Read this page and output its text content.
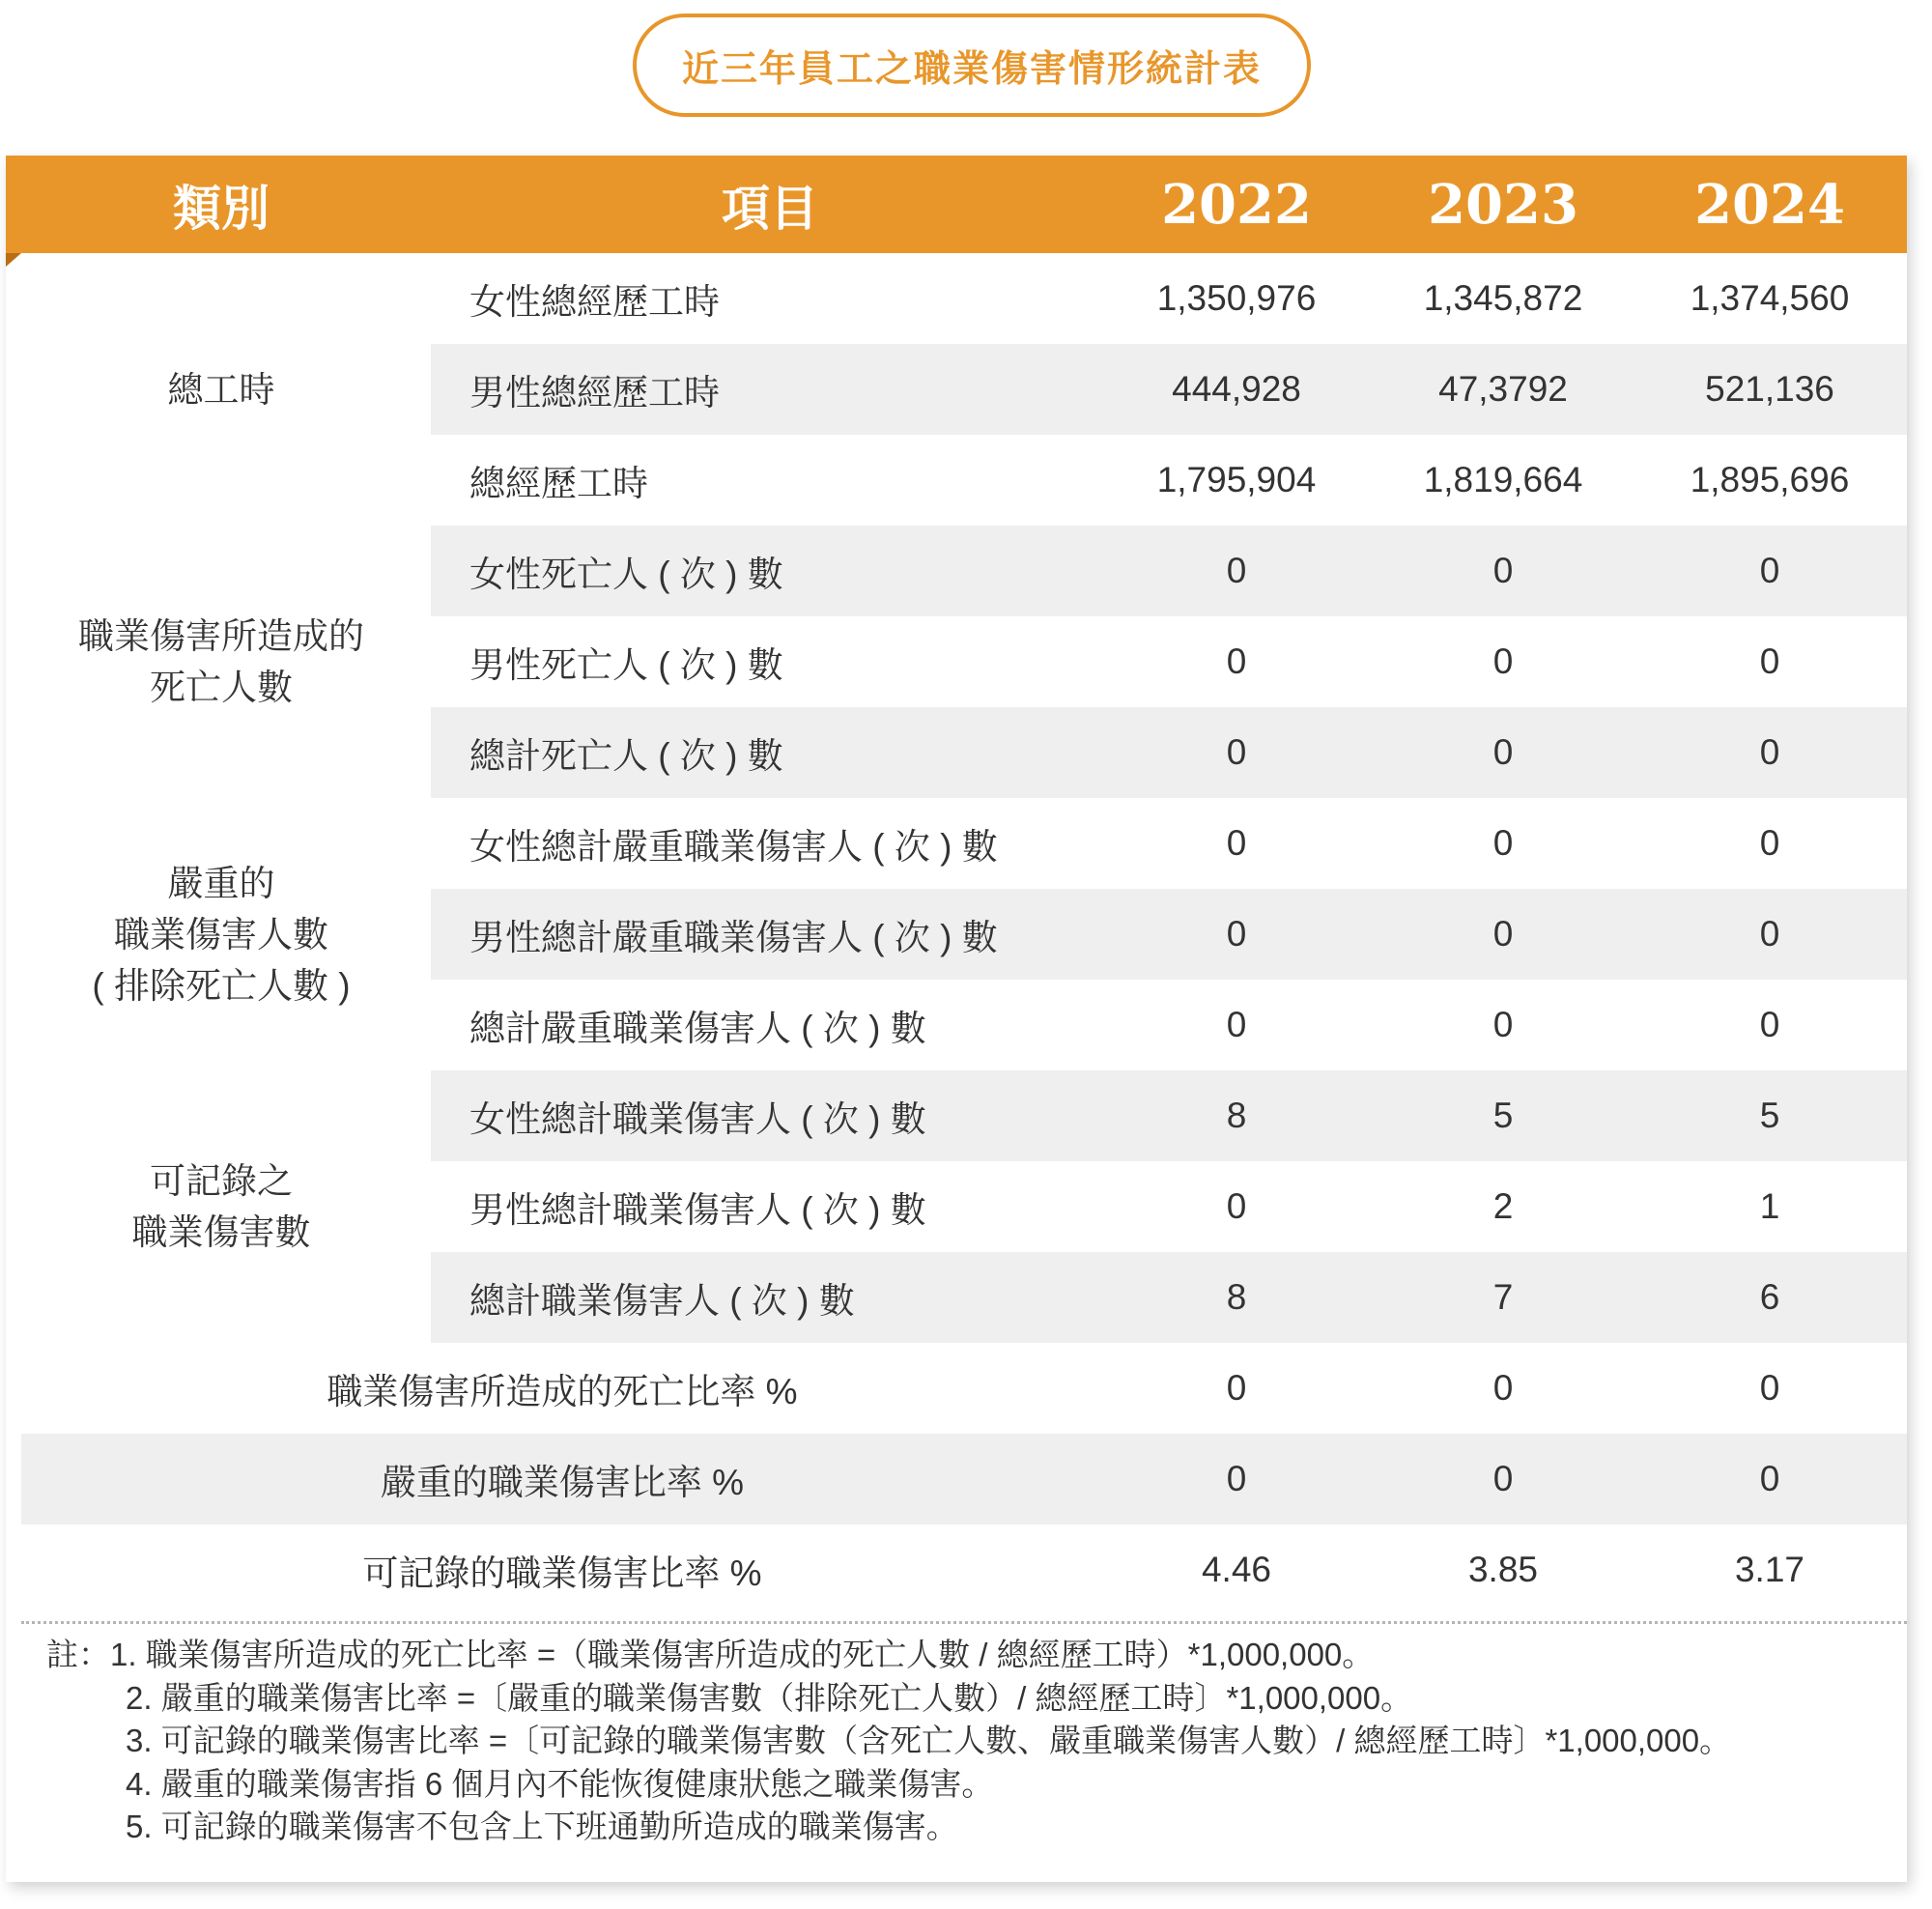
近三年員工之職業傷害情形統計表
類別	項目	2022	2023	2024
總工時
女性總經歷工時	1,350,976	1,345,872	1,374,560
男性總經歷工時	444,928	47,3792	521,136
總經歷工時	1,795,904	1,819,664	1,895,696
職業傷害所造成的
死亡人數
女性死亡人 ( 次 ) 數	0	0	0
男性死亡人 ( 次 ) 數	0	0	0
總計死亡人 ( 次 ) 數	0	0	0
嚴重的
職業傷害人數
( 排除死亡人數 )
女性總計嚴重職業傷害人 ( 次 ) 數	0	0	0
男性總計嚴重職業傷害人 ( 次 ) 數	0	0	0
總計嚴重職業傷害人 ( 次 ) 數	0	0	0
可記錄之
職業傷害數
女性總計職業傷害人 ( 次 ) 數	8	5	5
男性總計職業傷害人 ( 次 ) 數	0	2	1
總計職業傷害人 ( 次 ) 數	8	7	6
職業傷害所造成的死亡比率 %	0	0	0
嚴重的職業傷害比率 %	0	0	0
可記錄的職業傷害比率 %	4.46	3.85	3.17
註：1. 職業傷害所造成的死亡比率 =（職業傷害所造成的死亡人數 / 總經歷工時）*1,000,000。
2. 嚴重的職業傷害比率 =〔嚴重的職業傷害數（排除死亡人數）/ 總經歷工時〕*1,000,000。
3. 可記錄的職業傷害比率 =〔可記錄的職業傷害數（含死亡人數、嚴重職業傷害人數）/ 總經歷工時〕*1,000,000。
4. 嚴重的職業傷害指 6 個月內不能恢復健康狀態之職業傷害。
5. 可記錄的職業傷害不包含上下班通勤所造成的職業傷害。
